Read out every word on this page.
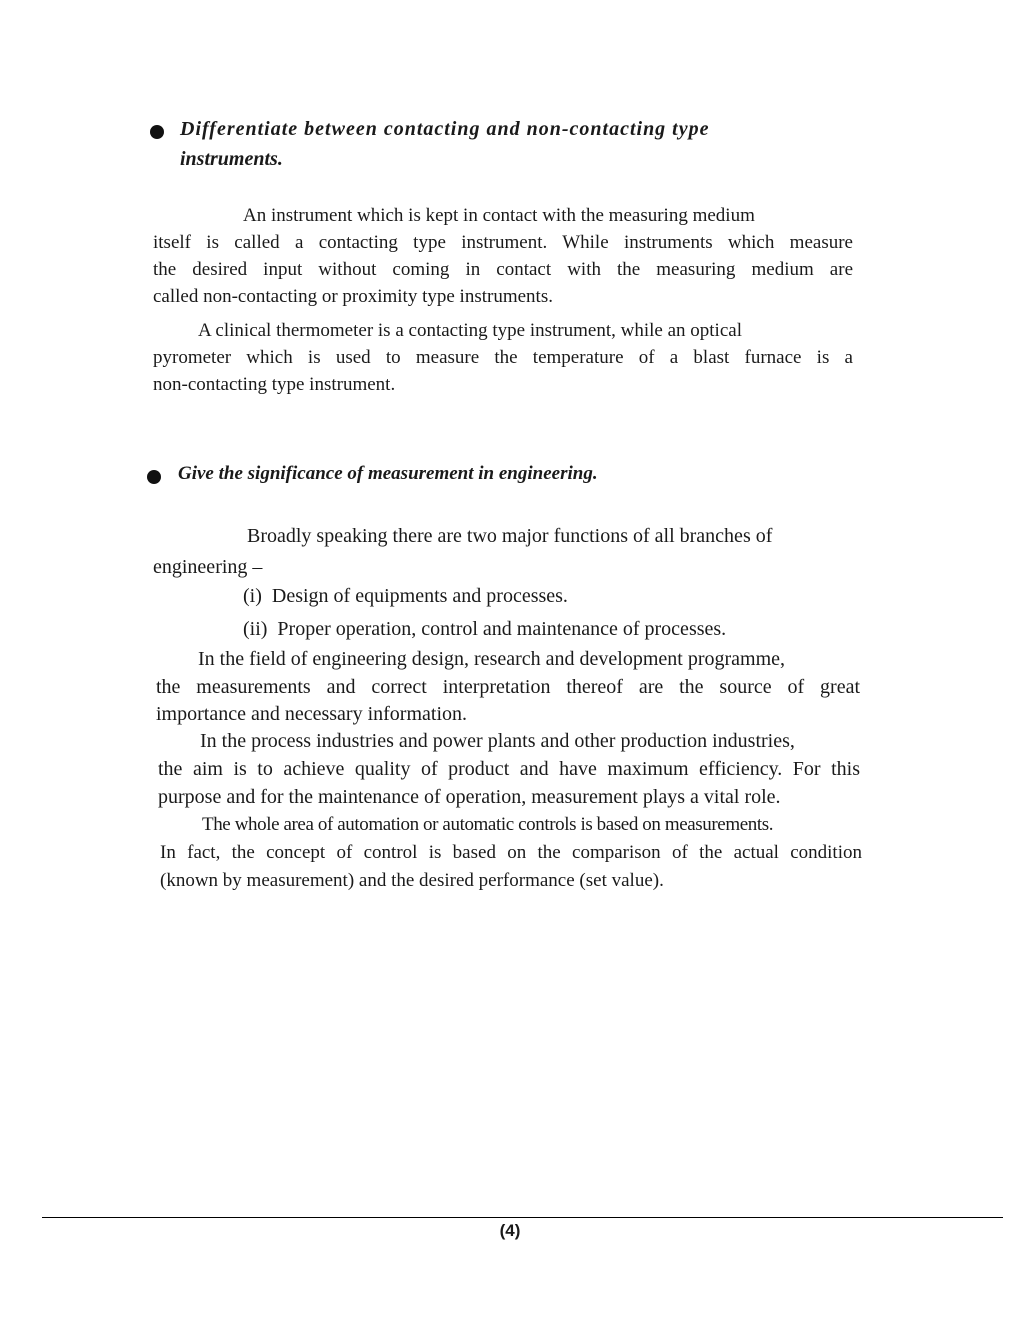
Differentiate between contacting and non-contacting type
instruments.
An instrument which is kept in contact with the measuring medium
itself is called a contacting type instrument. While instruments which measure
the desired input without coming in contact with the measuring medium are
called non-contacting or proximity type instruments.
A clinical thermometer is a contacting type instrument, while an optical
pyrometer which is used to measure the temperature of a blast furnace is a
non-contacting type instrument.
Give the significance of measurement in engineering.
Broadly speaking there are two major functions of all branches of
engineering –
(i)  Design of equipments and processes.
(ii)  Proper operation, control and maintenance of processes.
In the field of engineering design, research and development programme,
the measurements and correct interpretation thereof are the source of great
importance and necessary information.
In the process industries and power plants and other production industries,
the aim is to achieve quality of product and have maximum efficiency. For this
purpose and for the maintenance of operation, measurement plays a vital role.
The whole area of automation or automatic controls is based on measurements.
In fact, the concept of control is based on the comparison of the actual condition
(known by measurement) and the desired performance (set value).
(4)
